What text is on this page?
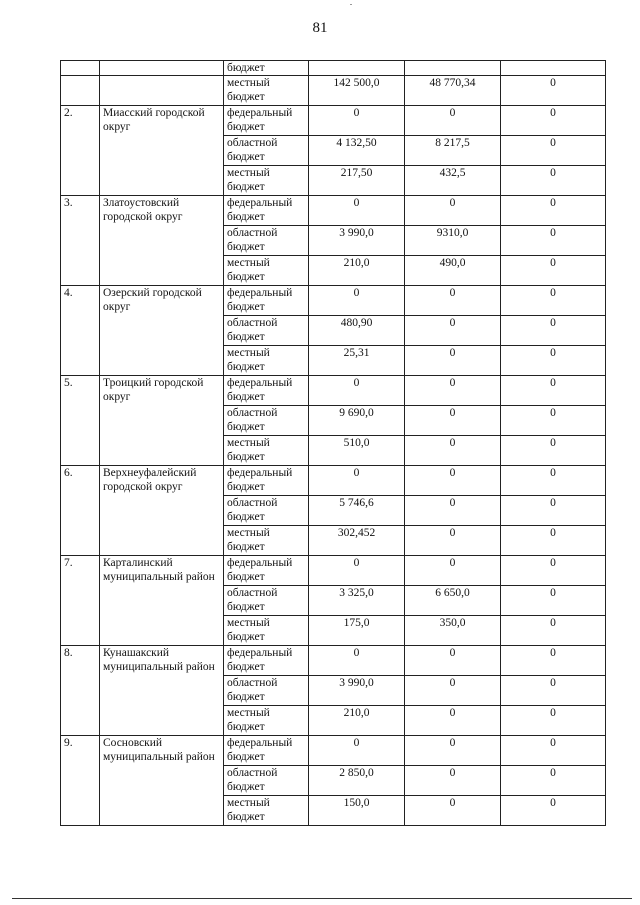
81
		бюджет			
		местный бюджет	142 500,0	48 770,34	0
2.	Миасский городской округ	федеральный бюджет	0	0	0
		областной бюджет	4 132,50	8 217,5	0
		местный бюджет	217,50	432,5	0
3.	Златоустовский городской округ	федеральный бюджет	0	0	0
		областной бюджет	3 990,0	9310,0	0
		местный бюджет	210,0	490,0	0
4.	Озерский городской округ	федеральный бюджет	0	0	0
		областной бюджет	480,90	0	0
		местный бюджет	25,31	0	0
5.	Троицкий городской округ	федеральный бюджет	0	0	0
		областной бюджет	9 690,0	0	0
		местный бюджет	510,0	0	0
6.	Верхнеуфалейский городской округ	федеральный бюджет	0	0	0
		областной бюджет	5 746,6	0	0
		местный бюджет	302,452	0	0
7.	Карталинский муниципальный район	федеральный бюджет	0	0	0
		областной бюджет	3 325,0	6 650,0	0
		местный бюджет	175,0	350,0	0
8.	Кунашакский муниципальный район	федеральный бюджет	0	0	0
		областной бюджет	3 990,0	0	0
		местный бюджет	210,0	0	0
9.	Сосновский муниципальный район	федеральный бюджет	0	0	0
		областной бюджет	2 850,0	0	0
		местный бюджет	150,0	0	0
